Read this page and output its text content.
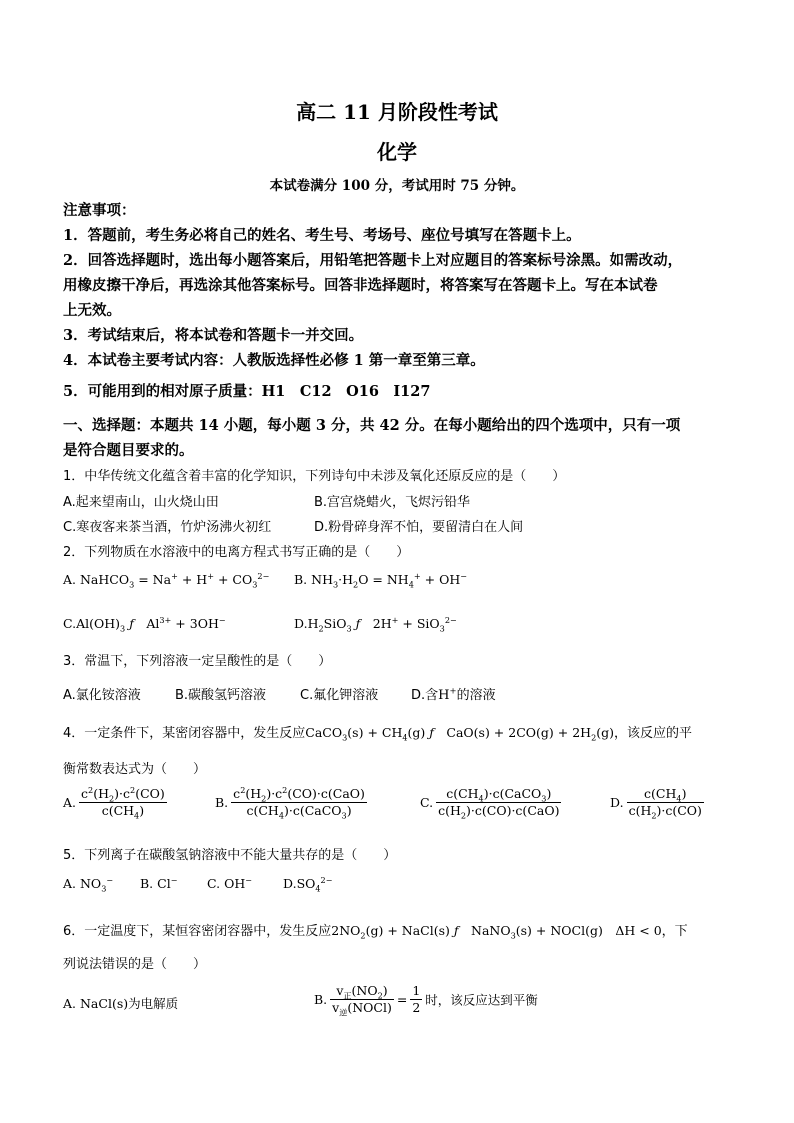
高二 11 月阶段性考试
化学
本试卷满分 100 分，考试用时 75 分钟。
注意事项：
1．答题前，考生务必将自己的姓名、考生号、考场号、座位号填写在答题卡上。
2．回答选择题时，选出每小题答案后，用铅笔把答题卡上对应题目的答案标号涂黑。如需改动，
用橡皮擦干净后，再选涂其他答案标号。回答非选择题时，将答案写在答题卡上。写在本试卷
上无效。
3．考试结束后，将本试卷和答题卡一并交回。
4．本试卷主要考试内容：人教版选择性必修 1 第一章至第三章。
5．可能用到的相对原子质量：H1　C12　O16　I127
一、选择题：本题共 14 小题，每小题 3 分，共 42 分。在每小题给出的四个选项中，只有一项
是符合题目要求的。
1．中华传统文化蕴含着丰富的化学知识，下列诗句中未涉及氧化还原反应的是（　　）
A.起来望南山，山火烧山田	B.宫宫烧蜡火，飞烬污铅华
C.寒夜客来茶当酒，竹炉汤沸火初红	D.粉骨碎身浑不怕，要留清白在人间
2．下列物质在水溶液中的电离方程式书写正确的是（　　）
A. NaHCO$_3$ = $Na^+ + H^+ + CO_3^{2-}$ B. $NH_3\cdot H_2O = NH_4^+ + OH^-$
$C.Al(OH)_3$ ƒ　$Al^{3+} + 3OH^-$	$D.H_2SiO_3$ ƒ　2H+ + SiO$_3^{2-}$
3．常温下，下列溶液一定呈酸性的是（　　）
A.氯化铵溶液	B.碳酸氢钙溶液	C.氟化钾溶液	D.含H+的溶液
4．一定条件下，某密闭容器中，发生反应CaCO$_3$(s) + $CH_4(g)$ ƒ　$CaO(s) + 2CO(g) + 2H_2(g)$，该反应的平
衡常数表达式为（　　）
A. $\frac{c^2(H_2)\cdot c^2(CO)}{c(CH_4)}$	B. $\frac{c^2(H_2)\cdot c^2(CO)\cdot c(CaO)}{c(CH_4)\cdot c(CaCO_3)}$	C. $\frac{c(CH_4)\cdot c(CaCO_3)}{c(H_2)\cdot c(CO)\cdot c(CaO)}$	D. $\frac{c(CH_4)}{c(H_2)\cdot c(CO)}$
5．下列离子在碳酸氢钠溶液中不能大量共存的是（　　）
A. $NO_3^-$ B. Cl− C. OH− $D.SO_4^{2-}$
6．一定温度下，某恒容密闭容器中，发生反应$2NO_2(g)$ + NaCl(s) ƒ　NaNO$_3$(s) + NOCl(g)　ΔH < 0，下
列说法错误的是（　　）
A. NaCl(s)为电解质	B. $\frac{v_正(NO_2)}{v_逆(NOCl)} = \frac{1}{2}$ 时，该反应达到平衡
